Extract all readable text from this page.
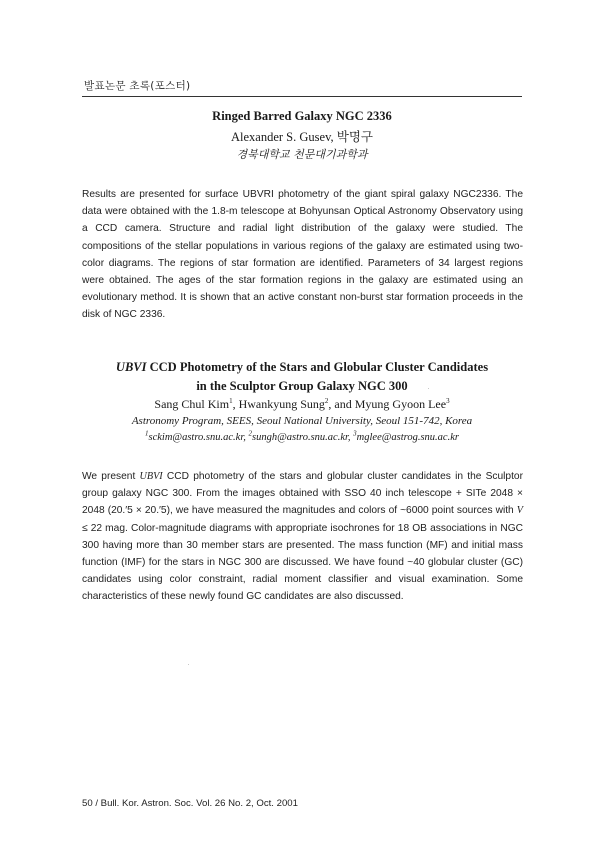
발표논문 초록(포스터)
Ringed Barred Galaxy NGC 2336
Alexander S. Gusev, 박명구
경북대학교 천문대기과학과
Results are presented for surface UBVRI photometry of the giant spiral galaxy NGC2336. The data were obtained with the 1.8-m telescope at Bohyunsan Optical Astronomy Observatory using a CCD camera. Structure and radial light distribution of the galaxy were studied. The compositions of the stellar populations in various regions of the galaxy are estimated using two-color diagrams. The regions of star formation are identified. Parameters of 34 largest regions were obtained. The ages of the star formation regions in the galaxy are estimated using an evolutionary method. It is shown that an active constant non-burst star formation proceeds in the disk of NGC 2336.
UBVI CCD Photometry of the Stars and Globular Cluster Candidates
in the Sculptor Group Galaxy NGC 300
Sang Chul Kim$^1$, Hwankyung Sung$^2$, and Myung Gyoon Lee$^3$
Astronomy Program, SEES, Seoul National University, Seoul 151-742, Korea
$^1$sckim@astro.snu.ac.kr, $^2$sungh@astro.snu.ac.kr, $^3$mglee@astrog.snu.ac.kr
We present UBVI CCD photometry of the stars and globular cluster candidates in the Sculptor group galaxy NGC 300. From the images obtained with SSO 40 inch telescope + SITe 2048 × 2048 (20.′5 × 20.′5), we have measured the magnitudes and colors of ~6000 point sources with V ≤ 22 mag. Color-magnitude diagrams with appropriate isochrones for 18 OB associations in NGC 300 having more than 30 member stars are presented. The mass function (MF) and initial mass function (IMF) for the stars in NGC 300 are discussed. We have found ~40 globular cluster (GC) candidates using color constraint, radial moment classifier and visual examination. Some characteristics of these newly found GC candidates are also discussed.
50 / Bull. Kor. Astron. Soc. Vol. 26 No. 2, Oct. 2001
